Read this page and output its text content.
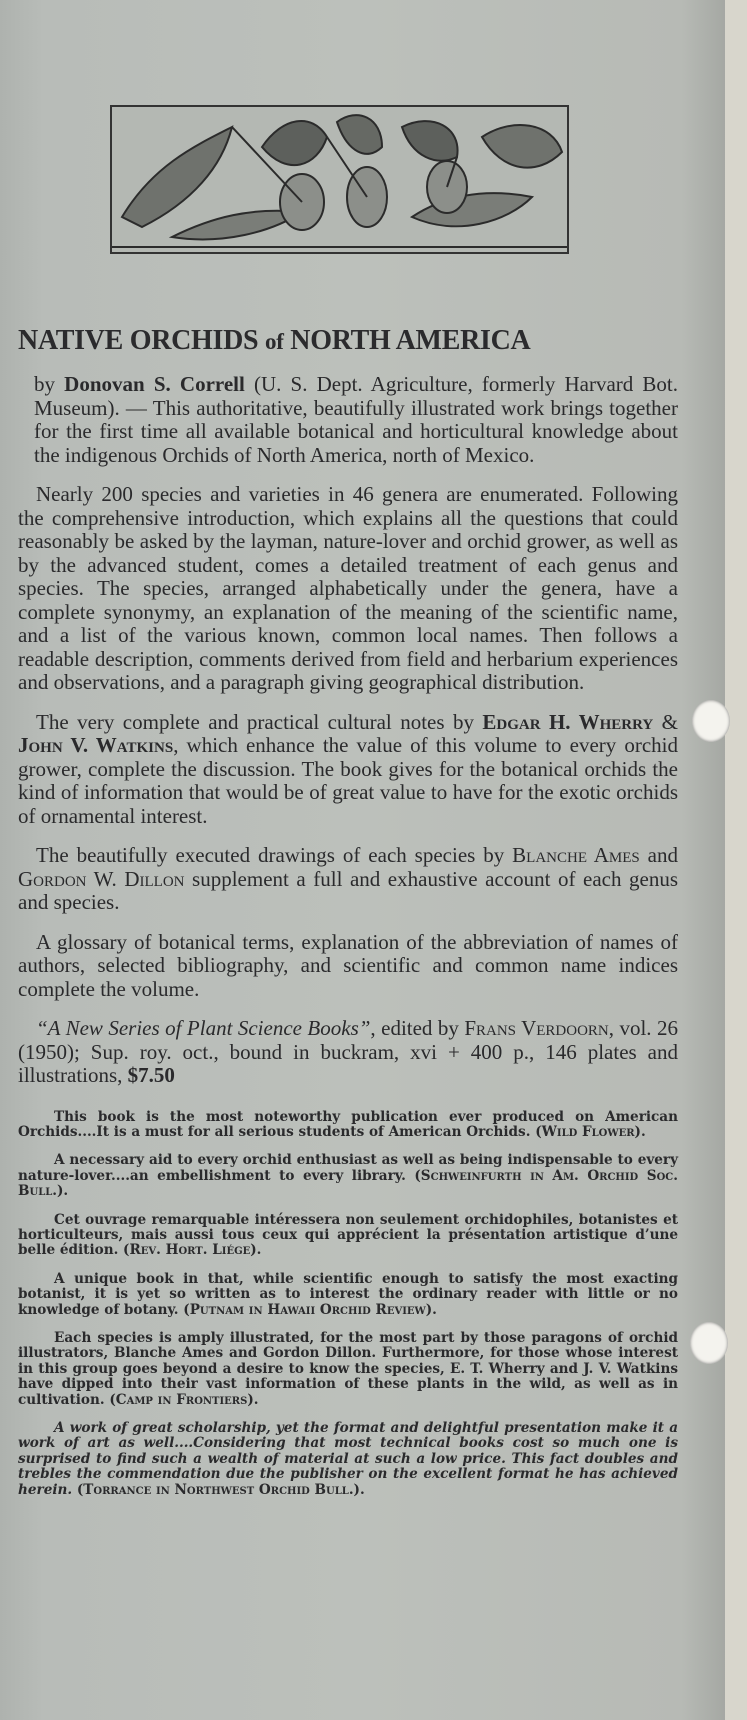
NATIVE ORCHIDS of NORTH AMERICA

by Donovan S. Correll (U. S. Dept. Agriculture, formerly Harvard Bot. Museum). — This authoritative, beautifully illustrated work brings together for the first time all available botanical and horticultural knowledge about the indigenous Orchids of North America, north of Mexico.

Nearly 200 species and varieties in 46 genera are enumerated. Following the comprehensive introduction, which explains all the questions that could reasonably be asked by the layman, nature-lover and orchid grower, as well as by the advanced student, comes a detailed treatment of each genus and species. The species, arranged alphabetically under the genera, have a complete synonymy, an explanation of the meaning of the scientific name, and a list of the various known, common local names. Then follows a readable description, comments derived from field and herbarium experiences and observations, and a paragraph giving geographical distribution.

The very complete and practical cultural notes by Edgar H. Wherry & John V. Watkins, which enhance the value of this volume to every orchid grower, complete the discussion. The book gives for the botanical orchids the kind of information that would be of great value to have for the exotic orchids of ornamental interest.

The beautifully executed drawings of each species by Blanche Ames and Gordon W. Dillon supplement a full and exhaustive account of each genus and species.

A glossary of botanical terms, explanation of the abbreviation of names of authors, selected bibliography, and scientific and common name indices complete the volume.

“A New Series of Plant Science Books”, edited by Frans Verdoorn, vol. 26 (1950); Sup. roy. oct., bound in buckram, xvi + 400 p., 146 plates and illustrations, $7.50

This book is the most noteworthy publication ever produced on American Orchids....It is a must for all serious students of American Orchids. (Wild Flower).

A necessary aid to every orchid enthusiast as well as being indispensable to every nature-lover....an embellishment to every library. (Schweinfurth in Am. Orchid Soc. Bull.).

Cet ouvrage remarquable intéressera non seulement orchidophiles, botanistes et horticulteurs, mais aussi tous ceux qui apprécient la présentation artistique d’une belle édition. (Rev. Hort. Liége).

A unique book in that, while scientific enough to satisfy the most exacting botanist, it is yet so written as to interest the ordinary reader with little or no knowledge of botany. (Putnam in Hawaii Orchid Review).

Each species is amply illustrated, for the most part by those paragons of orchid illustrators, Blanche Ames and Gordon Dillon. Furthermore, for those whose interest in this group goes beyond a desire to know the species, E. T. Wherry and J. V. Watkins have dipped into their vast information of these plants in the wild, as well as in cultivation. (Camp in Frontiers).

A work of great scholarship, yet the format and delightful presentation make it a work of art as well....Considering that most technical books cost so much one is surprised to find such a wealth of material at such a low price. This fact doubles and trebles the commendation due the publisher on the excellent format he has achieved herein. (Torrance in Northwest Orchid Bull.).
